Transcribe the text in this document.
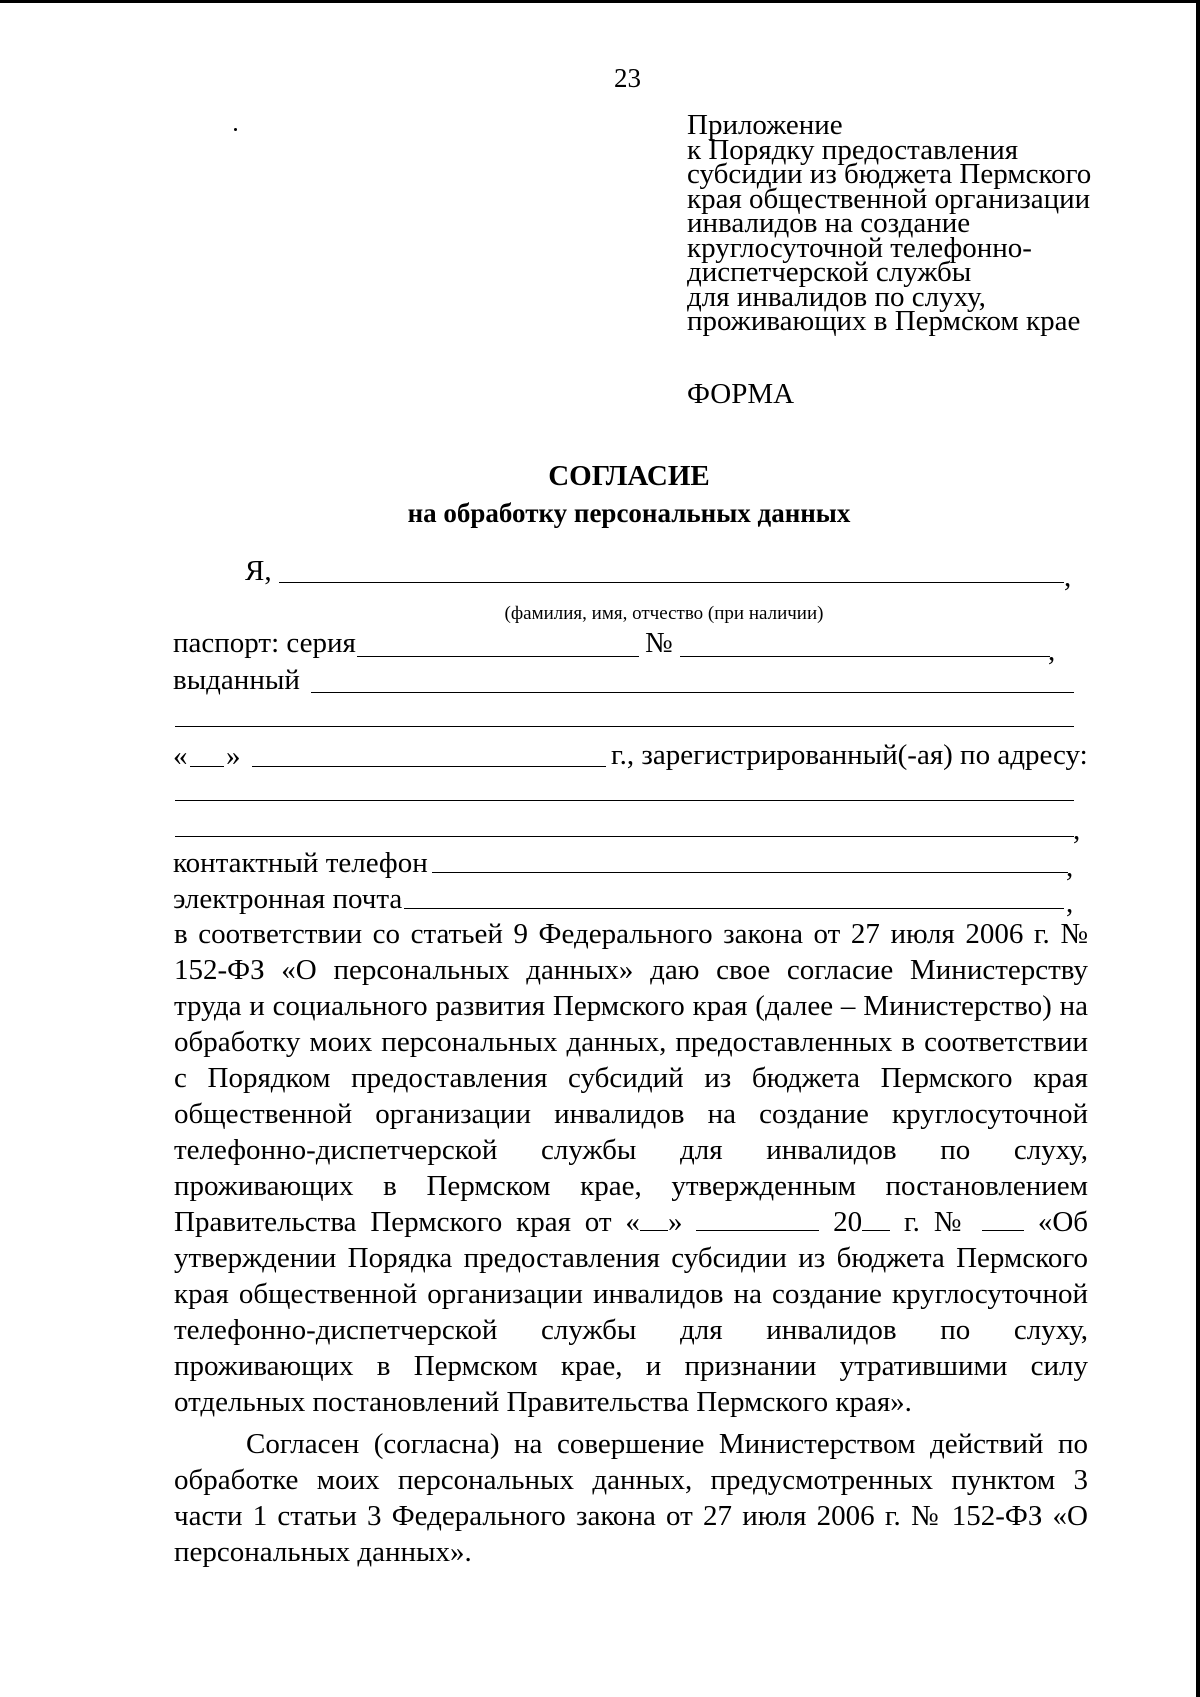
23
Приложение
к Порядку предоставления
субсидии из бюджета Пермского
края общественной организации
инвалидов на создание
круглосуточной телефонно-
диспетчерской службы
для инвалидов по слуху,
проживающих в Пермском крае
ФОРМА
СОГЛАСИЕ
на обработку персональных данных
Я,	,
(фамилия, имя, отчество (при наличии)
паспорт: серия	№	,
выданный
« »	г., зарегистрированный(-ая) по адресу:
,
контактный телефон	,
электронная почта	,

в соответствии со статьей 9 Федерального закона от 27 июля 2006 г. № 152-ФЗ «О персональных данных» даю свое согласие Министерству труда и социального развития Пермского края (далее – Министерство) на обработку моих персональных данных, предоставленных в соответствии с Порядком предоставления субсидий из бюджета Пермского края общественной организации инвалидов на создание круглосуточной телефонно-диспетчерской службы для инвалидов по слуху, проживающих в Пермском крае, утвержденным постановлением Правительства Пермского края от « »	20 г. №  «Об утверждении Порядка предоставления субсидии из бюджета Пермского края общественной организации инвалидов на создание круглосуточной телефонно-диспетчерской службы для инвалидов по слуху, проживающих в Пермском крае, и признании утратившими силу отдельных постановлений Правительства Пермского края».

Согласен (согласна) на совершение Министерством действий по обработке моих персональных данных, предусмотренных пунктом 3 части 1 статьи 3 Федерального закона от 27 июля 2006 г. № 152-ФЗ «О персональных данных».
